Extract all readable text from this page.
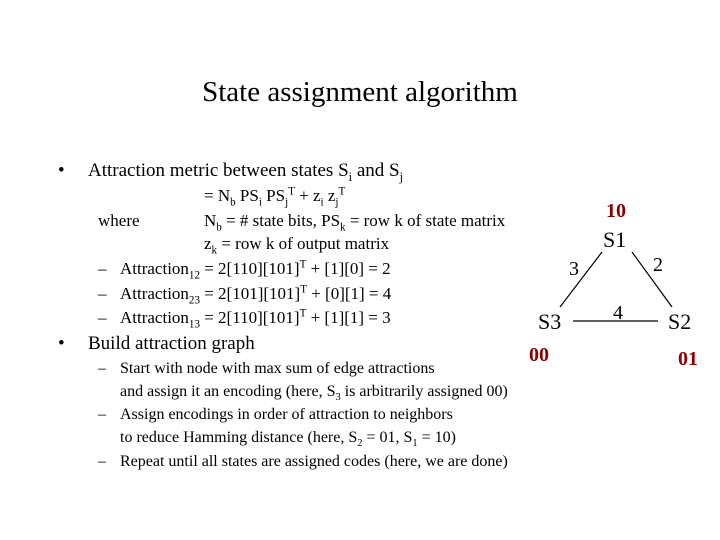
State assignment algorithm
• Attraction metric between states $S_i$ and $S_j$
= $N_b$ $PS_i$ $PS_j^T + z_i$ $z_j^T$
where	$N_b$ = # state bits, $PS_k$ = row k of state matrix
$z_k$ = row k of output matrix
– Attraction$_{12}$ = $2[110][101]^T + [1][0] = 2$
– Attraction$_{23}$ = $2[101][101]^T + [0][1] = 4$
– Attraction$_{13}$ = $2[110][101]^T + [1][1] = 3$
• Build attraction graph
– Start with node with max sum of edge attractions
and assign it an encoding (here, $S_3$ is arbitrarily assigned 00)
– Assign encodings in order of attraction to neighbors
to reduce Hamming distance (here, $S_2 = 01$, $S_1 = 10$)
– Repeat until all states are assigned codes (here, we are done)
S1
S2
S3
10
01
00
3	2
4
